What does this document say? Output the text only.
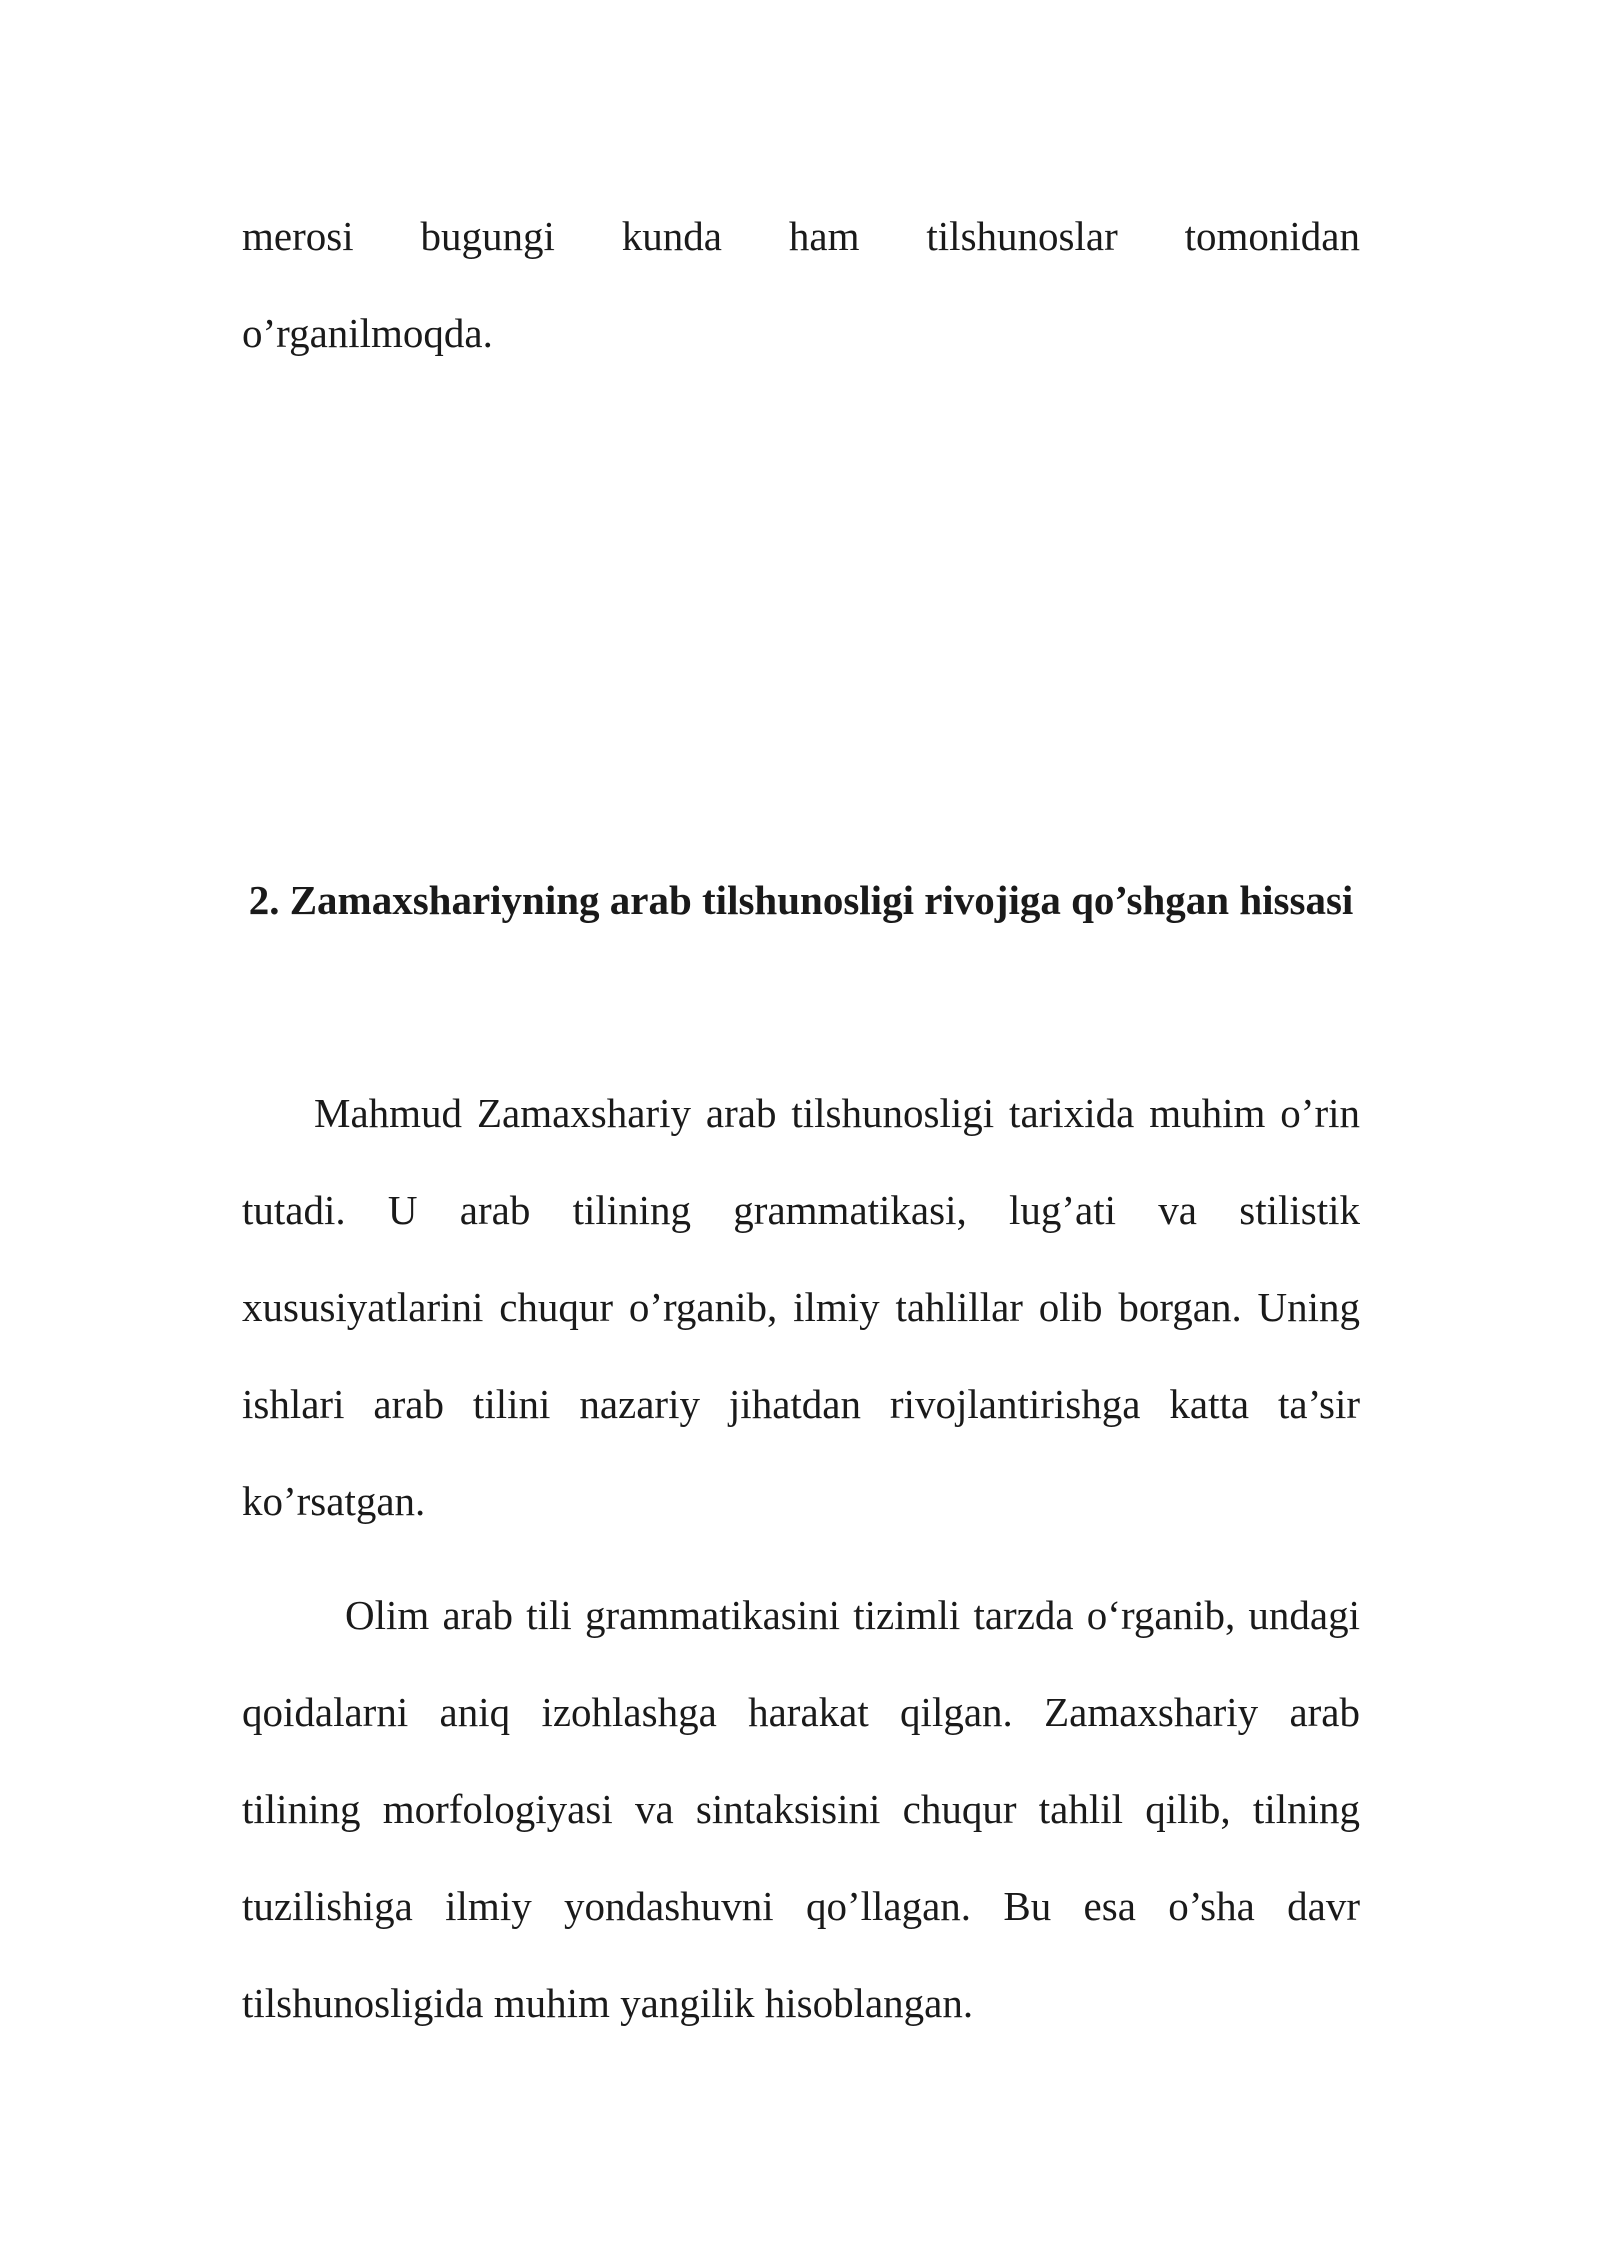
merosi bugungi kunda ham tilshunoslar tomonidan
o’rganilmoqda.
2. Zamaxshariyning arab tilshunosligi rivojiga qo’shgan hissasi

Mahmud Zamaxshariy arab tilshunosligi tarixida muhim o’rin tutadi. U arab tilining grammatikasi, lug’ati va stilistik xususiyatlarini chuqur o’rganib, ilmiy tahlillar olib borgan. Uning ishlari arab tilini nazariy jihatdan rivojlantirishga katta ta’sir ko’rsatgan.

Olim arab tili grammatikasini tizimli tarzda o‘rganib, undagi qoidalarni aniq izohlashga harakat qilgan. Zamaxshariy arab tilining morfologiyasi va sintaksisini chuqur tahlil qilib, tilning tuzilishiga ilmiy yondashuvni qo’llagan. Bu esa o’sha davr tilshunosligida muhim yangilik hisoblangan.
